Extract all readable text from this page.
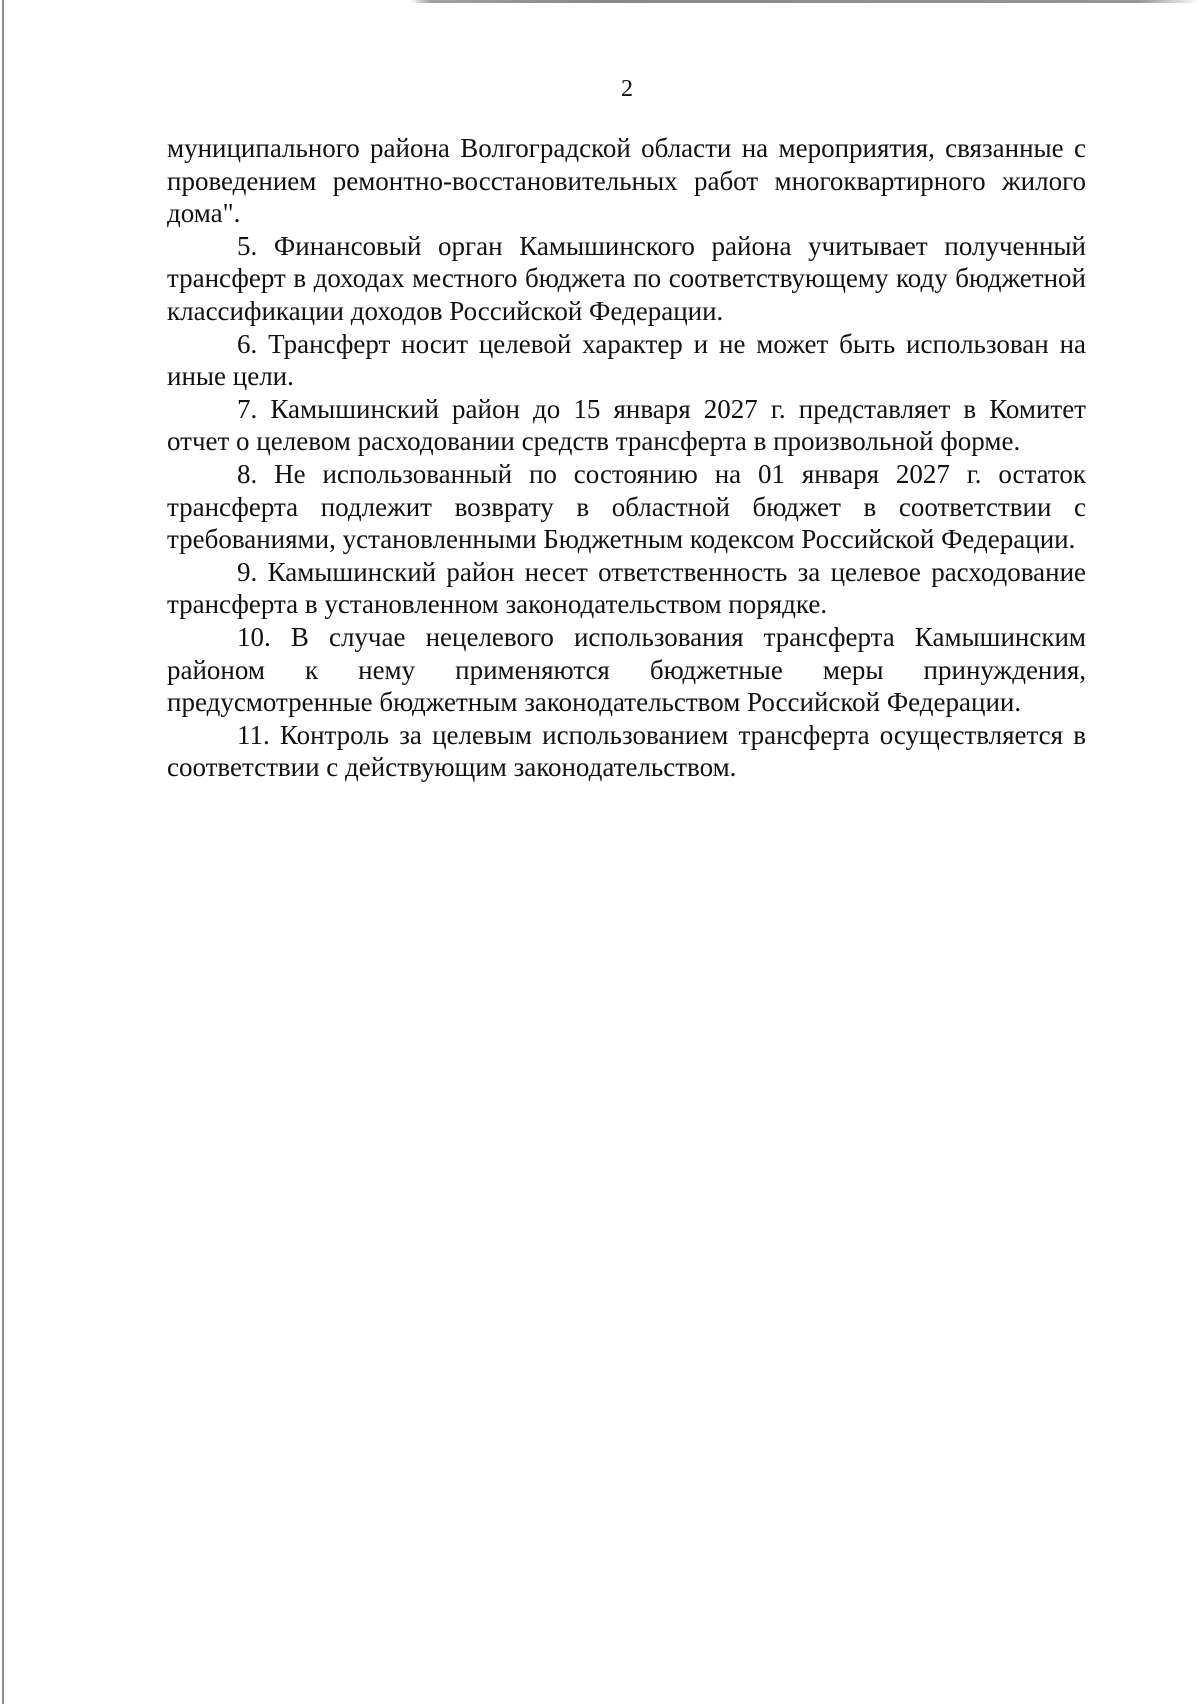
2

муниципального района Волгоградской области на мероприятия, связанные с проведением ремонтно-восстановительных работ многоквартирного жилого дома".

5. Финансовый орган Камышинского района учитывает полученный трансферт в доходах местного бюджета по соответствующему коду бюджетной классификации доходов Российской Федерации.

6. Трансферт носит целевой характер и не может быть использован на иные цели.

7. Камышинский район до 15 января 2027 г. представляет в Комитет отчет о целевом расходовании средств трансферта в произвольной форме.

8. Не использованный по состоянию на 01 января 2027 г. остаток трансферта подлежит возврату в областной бюджет в соответствии с требованиями, установленными Бюджетным кодексом Российской Федерации.

9. Камышинский район несет ответственность за целевое расходование трансферта в установленном законодательством порядке.

10. В случае нецелевого использования трансферта Камышинским районом к нему применяются бюджетные меры принуждения, предусмотренные бюджетным законодательством Российской Федерации.

11. Контроль за целевым использованием трансферта осуществляется в соответствии с действующим законодательством.
